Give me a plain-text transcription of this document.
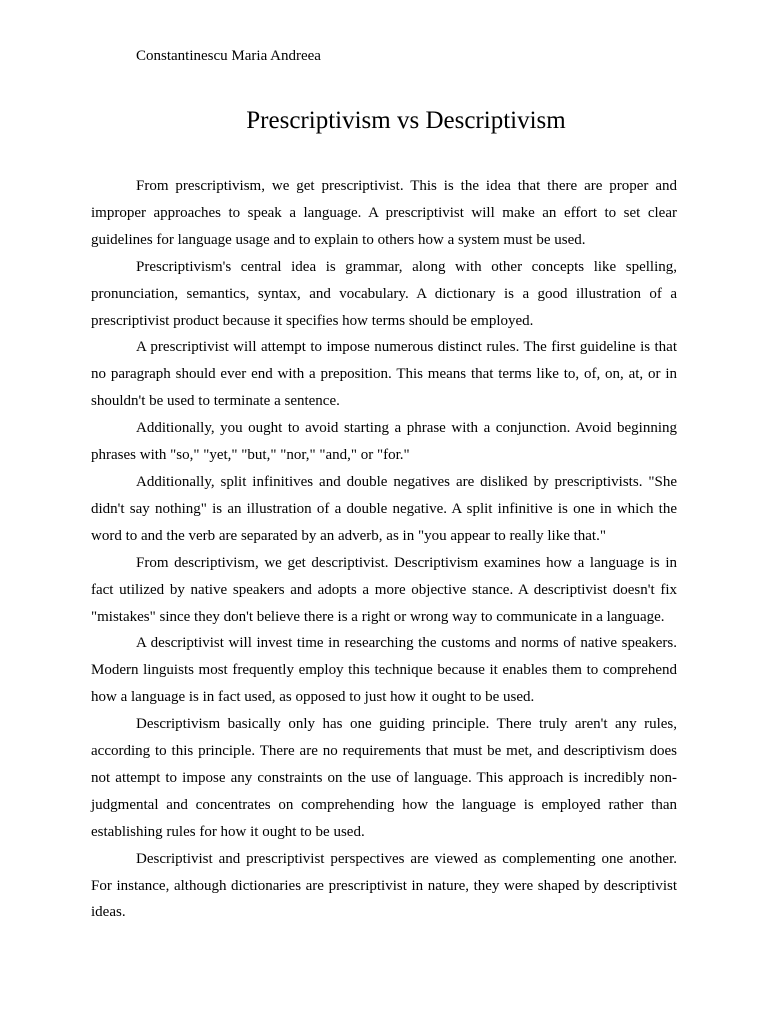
Constantinescu Maria Andreea
Prescriptivism vs Descriptivism

From prescriptivism, we get prescriptivist. This is the idea that there are proper and improper approaches to speak a language. A prescriptivist will make an effort to set clear guidelines for language usage and to explain to others how a system must be used.

Prescriptivism's central idea is grammar, along with other concepts like spelling, pronunciation, semantics, syntax, and vocabulary. A dictionary is a good illustration of a prescriptivist product because it specifies how terms should be employed.

A prescriptivist will attempt to impose numerous distinct rules. The first guideline is that no paragraph should ever end with a preposition. This means that terms like to, of, on, at, or in shouldn't be used to terminate a sentence.

Additionally, you ought to avoid starting a phrase with a conjunction. Avoid beginning phrases with "so," "yet," "but," "nor," "and," or "for."

Additionally, split infinitives and double negatives are disliked by prescriptivists. "She didn't say nothing" is an illustration of a double negative. A split infinitive is one in which the word to and the verb are separated by an adverb, as in "you appear to really like that."

From descriptivism, we get descriptivist. Descriptivism examines how a language is in fact utilized by native speakers and adopts a more objective stance. A descriptivist doesn't fix "mistakes" since they don't believe there is a right or wrong way to communicate in a language.

A descriptivist will invest time in researching the customs and norms of native speakers. Modern linguists most frequently employ this technique because it enables them to comprehend how a language is in fact used, as opposed to just how it ought to be used.

Descriptivism basically only has one guiding principle. There truly aren't any rules, according to this principle. There are no requirements that must be met, and descriptivism does not attempt to impose any constraints on the use of language. This approach is incredibly non-judgmental and concentrates on comprehending how the language is employed rather than establishing rules for how it ought to be used.

Descriptivist and prescriptivist perspectives are viewed as complementing one another. For instance, although dictionaries are prescriptivist in nature, they were shaped by descriptivist ideas.
